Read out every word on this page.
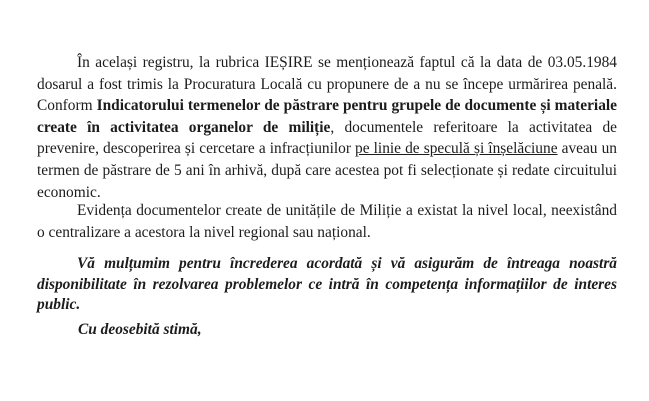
În același registru, la rubrica IEȘIRE se menționează faptul că la data de 03.05.1984 dosarul a fost trimis la Procuratura Locală cu propunere de a nu se începe urmărirea penală. Conform Indicatorului termenelor de păstrare pentru grupele de documente și materiale create în activitatea organelor de miliție, documentele referitoare la activitatea de prevenire, descoperirea și cercetare a infracțiunilor pe linie de speculă și înșelăciune aveau un termen de păstrare de 5 ani în arhivă, după care acestea pot fi selecționate și redate circuitului economic.

Evidența documentelor create de unitățile de Miliție a existat la nivel local, neexistând o centralizare a acestora la nivel regional sau național.

Vă mulțumim pentru încrederea acordată și vă asigurăm de întreaga noastră disponibilitate în rezolvarea problemelor ce intră în competența informațiilor de interes public.

Cu deosebită stimă,
